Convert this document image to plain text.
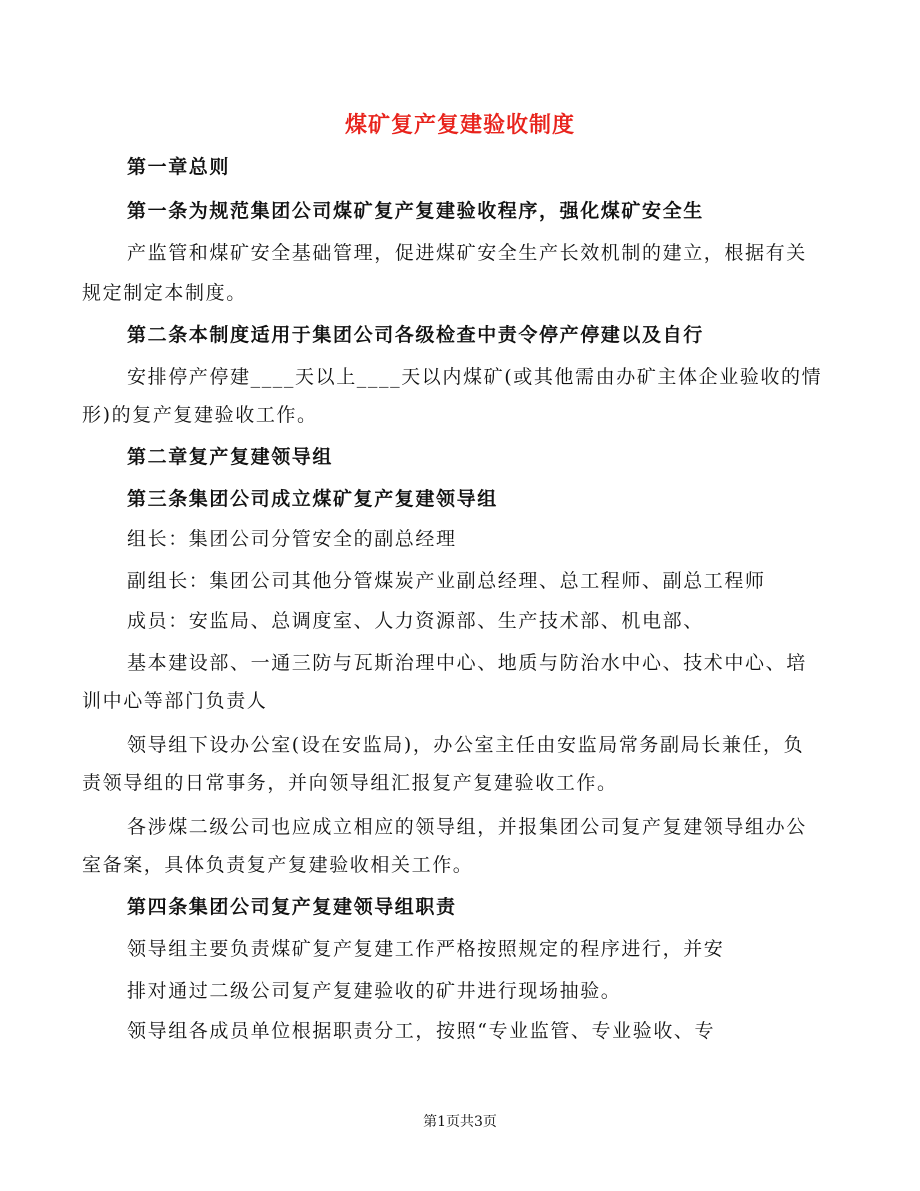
煤矿复产复建验收制度
第一章总则
第一条为规范集团公司煤矿复产复建验收程序，强化煤矿安全生
产监管和煤矿安全基础管理，促进煤矿安全生产长效机制的建立，根据有关
规定制定本制度。
第二条本制度适用于集团公司各级检查中责令停产停建以及自行
安排停产停建____天以上____天以内煤矿(或其他需由办矿主体企业验收的情
形)的复产复建验收工作。
第二章复产复建领导组
第三条集团公司成立煤矿复产复建领导组
组长：集团公司分管安全的副总经理
副组长：集团公司其他分管煤炭产业副总经理、总工程师、副总工程师
成员：安监局、总调度室、人力资源部、生产技术部、机电部、
基本建设部、一通三防与瓦斯治理中心、地质与防治水中心、技术中心、培
训中心等部门负责人
领导组下设办公室(设在安监局)，办公室主任由安监局常务副局长兼任，负
责领导组的日常事务，并向领导组汇报复产复建验收工作。
各涉煤二级公司也应成立相应的领导组，并报集团公司复产复建领导组办公
室备案，具体负责复产复建验收相关工作。
第四条集团公司复产复建领导组职责
领导组主要负责煤矿复产复建工作严格按照规定的程序进行，并安
排对通过二级公司复产复建验收的矿井进行现场抽验。
领导组各成员单位根据职责分工，按照“专业监管、专业验收、专
第1页共3页
